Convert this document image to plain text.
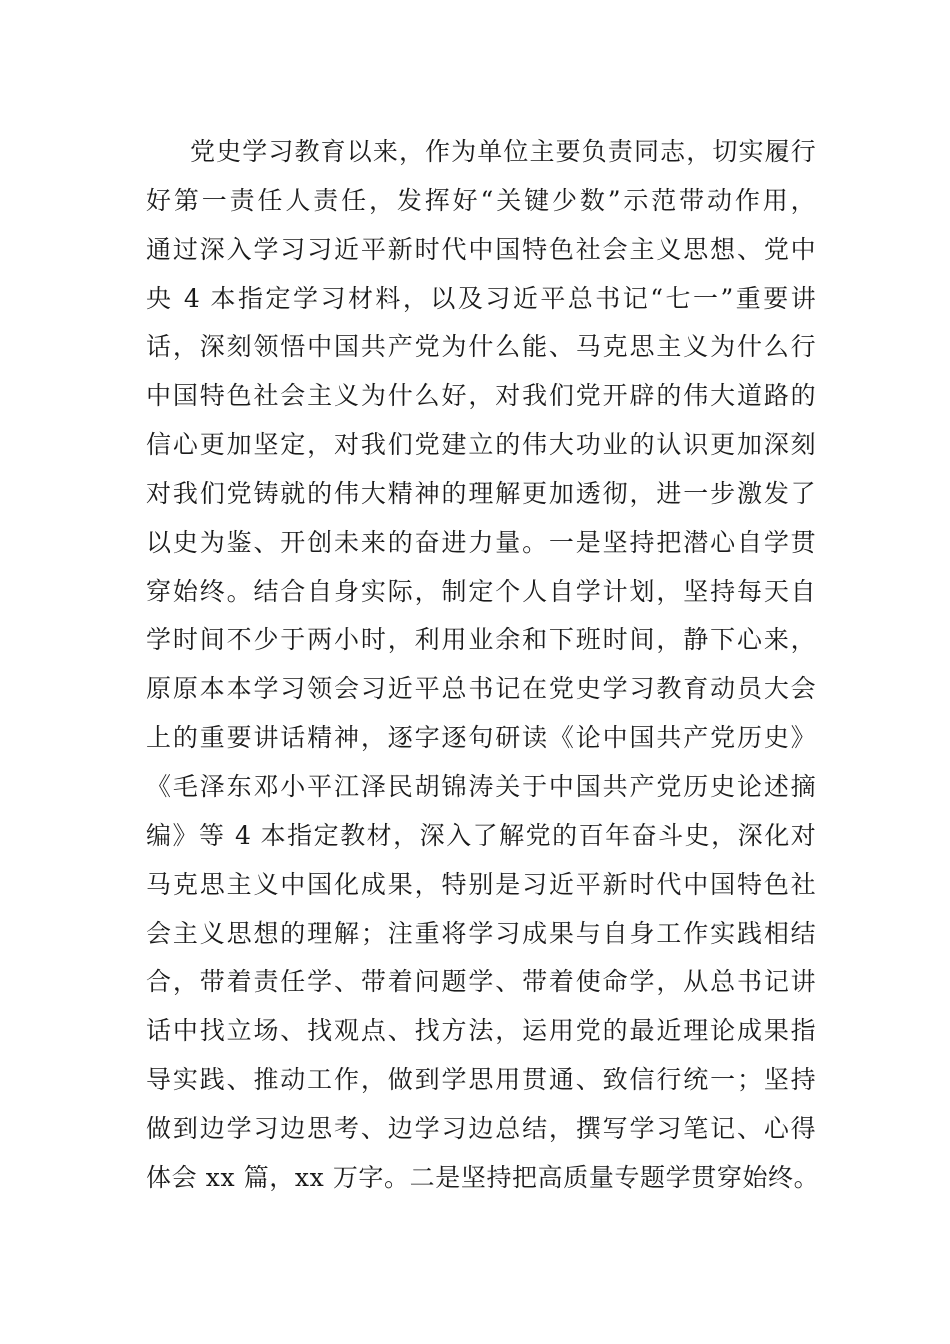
党史学习教育以来，作为单位主要负责同志，切实履行
好第一责任人责任，发挥好“关键少数”示范带动作用，
通过深入学习习近平新时代中国特色社会主义思想、党中
央 4 本指定学习材料，以及习近平总书记“七一”重要讲
话，深刻领悟中国共产党为什么能、马克思主义为什么行
中国特色社会主义为什么好，对我们党开辟的伟大道路的
信心更加坚定，对我们党建立的伟大功业的认识更加深刻
对我们党铸就的伟大精神的理解更加透彻，进一步激发了
以史为鉴、开创未来的奋进力量。一是坚持把潜心自学贯
穿始终。结合自身实际，制定个人自学计划，坚持每天自
学时间不少于两小时，利用业余和下班时间，静下心来，
原原本本学习领会习近平总书记在党史学习教育动员大会
上的重要讲话精神，逐字逐句研读《论中国共产党历史》
《毛泽东邓小平江泽民胡锦涛关于中国共产党历史论述摘
编》等 4 本指定教材，深入了解党的百年奋斗史，深化对
马克思主义中国化成果，特别是习近平新时代中国特色社
会主义思想的理解；注重将学习成果与自身工作实践相结
合，带着责任学、带着问题学、带着使命学，从总书记讲
话中找立场、找观点、找方法，运用党的最近理论成果指
导实践、推动工作，做到学思用贯通、致信行统一；坚持
做到边学习边思考、边学习边总结，撰写学习笔记、心得
体会 xx 篇，xx 万字。二是坚持把高质量专题学贯穿始终。
